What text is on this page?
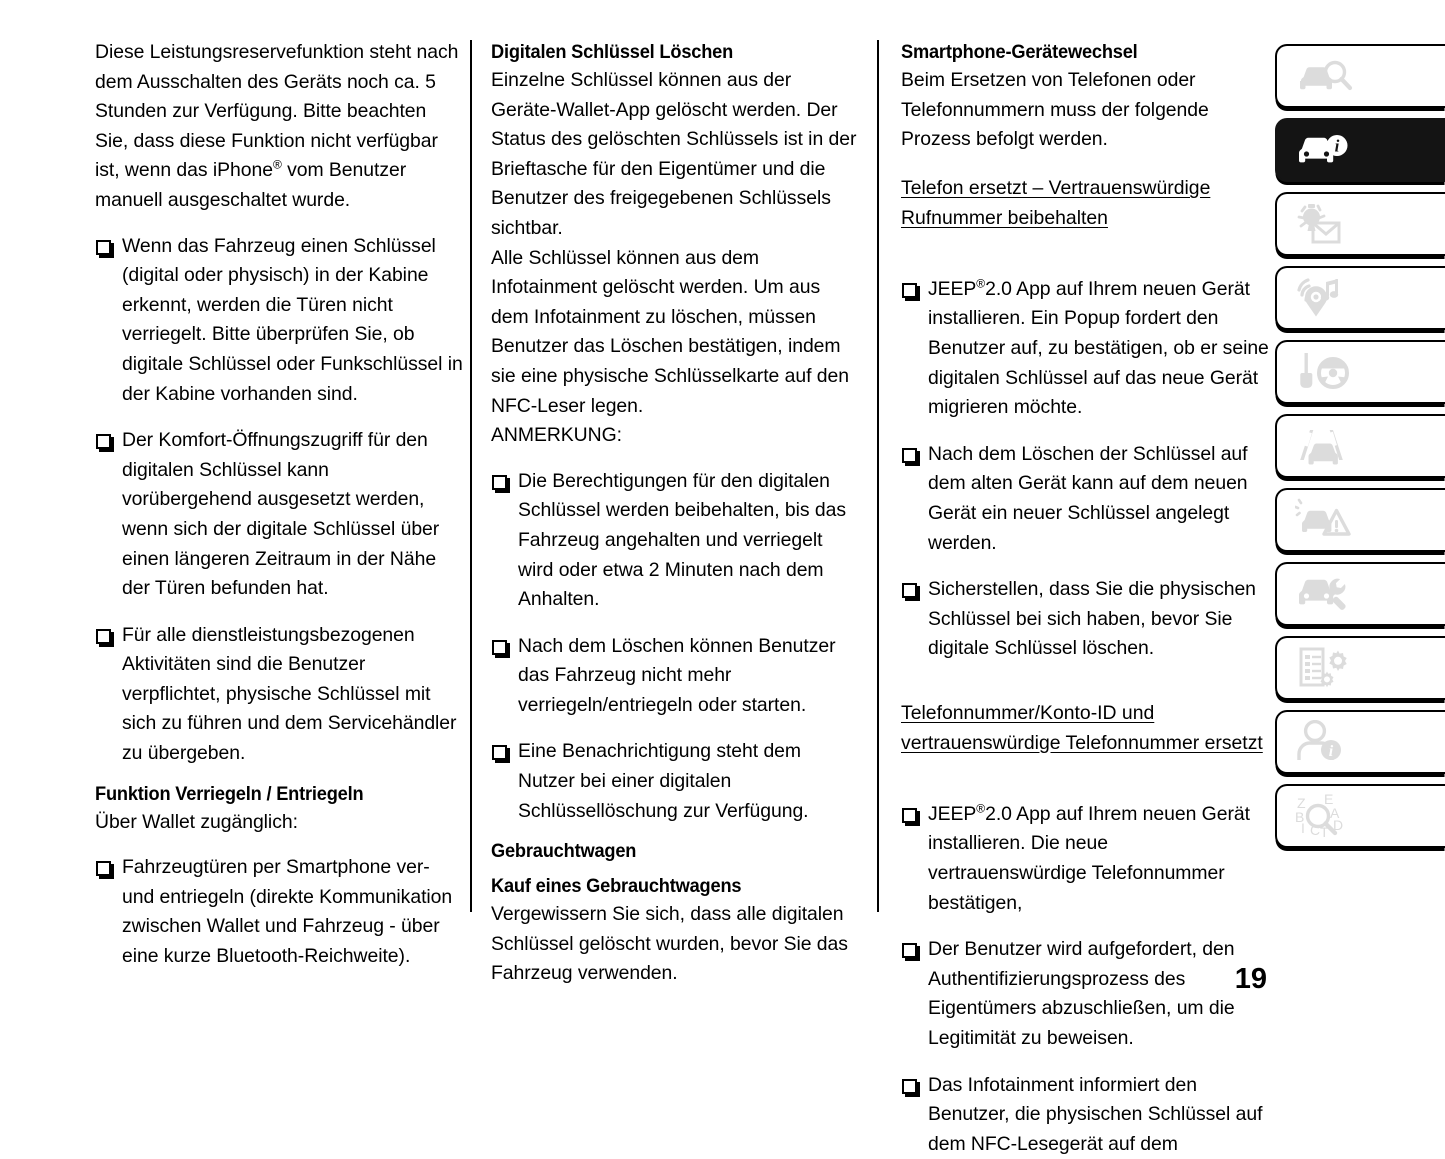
Diese Leistungsreservefunktion steht nach dem Ausschalten des Geräts noch ca. 5 Stunden zur Verfügung. Bitte beachten Sie, dass diese Funktion nicht verfügbar ist, wenn das iPhone® vom Benutzer manuell ausgeschaltet wurde.

Wenn das Fahrzeug einen Schlüssel (digital oder physisch) in der Kabine erkennt, werden die Türen nicht verriegelt. Bitte überprüfen Sie, ob digitale Schlüssel oder Funkschlüssel in der Kabine vorhanden sind.
Der Komfort-Öffnungszugriff für den digitalen Schlüssel kann vorübergehend ausgesetzt werden, wenn sich der digitale Schlüssel über einen längeren Zeitraum in der Nähe der Türen befunden hat.
Für alle dienstleistungsbezogenen Aktivitäten sind die Benutzer verpflichtet, physische Schlüssel mit sich zu führen und dem Servicehändler zu übergeben.
Funktion Verriegeln / Entriegeln

Über Wallet zugänglich:

Fahrzeugtüren per Smartphone ver- und entriegeln (direkte Kommunikation zwischen Wallet und Fahrzeug - über eine kurze Bluetooth-Reichweite).
Digitalen Schlüssel Löschen

Einzelne Schlüssel können aus der Geräte-Wallet-App gelöscht werden. Der Status des gelöschten Schlüssels ist in der Brieftasche für den Eigentümer und die Benutzer des freigegebenen Schlüssels sichtbar.

Alle Schlüssel können aus dem Infotainment gelöscht werden. Um aus dem Infotainment zu löschen, müssen Benutzer das Löschen bestätigen, indem sie eine physische Schlüsselkarte auf den NFC-Leser legen.

ANMERKUNG:

Die Berechtigungen für den digitalen Schlüssel werden beibehalten, bis das Fahrzeug angehalten und verriegelt wird oder etwa 2 Minuten nach dem Anhalten.
Nach dem Löschen können Benutzer das Fahrzeug nicht mehr verriegeln/entriegeln oder starten.
Eine Benachrichtigung steht dem Nutzer bei einer digitalen Schlüssellöschung zur Verfügung.
Gebrauchtwagen
Kauf eines Gebrauchtwagens

Vergewissern Sie sich, dass alle digitalen Schlüssel gelöscht wurden, bevor Sie das Fahrzeug verwenden.

Smartphone-Gerätewechsel

Beim Ersetzen von Telefonen oder Telefonnummern muss der folgende Prozess befolgt werden.

Telefon ersetzt – Vertrauenswürdige Rufnummer beibehalten

JEEP®2.0 App auf Ihrem neuen Gerät installieren. Ein Popup fordert den Benutzer auf, zu bestätigen, ob er seine digitalen Schlüssel auf das neue Gerät migrieren möchte.
Nach dem Löschen der Schlüssel auf dem alten Gerät kann auf dem neuen Gerät ein neuer Schlüssel angelegt werden.
Sicherstellen, dass Sie die physischen Schlüssel bei sich haben, bevor Sie digitale Schlüssel löschen.

Telefonnummer/Konto-ID und vertrauenswürdige Telefonnummer ersetzt

JEEP®2.0 App auf Ihrem neuen Gerät installieren. Die neue vertrauenswürdige Telefonnummer bestätigen,
Der Benutzer wird aufgefordert, den Authentifizierungsprozess des Eigentümers abzuschließen, um die Legitimität zu beweisen.
Das Infotainment informiert den Benutzer, die physischen Schlüssel auf dem NFC-Lesegerät auf dem
i
i
Z
B
I C T
E
A
D
19
